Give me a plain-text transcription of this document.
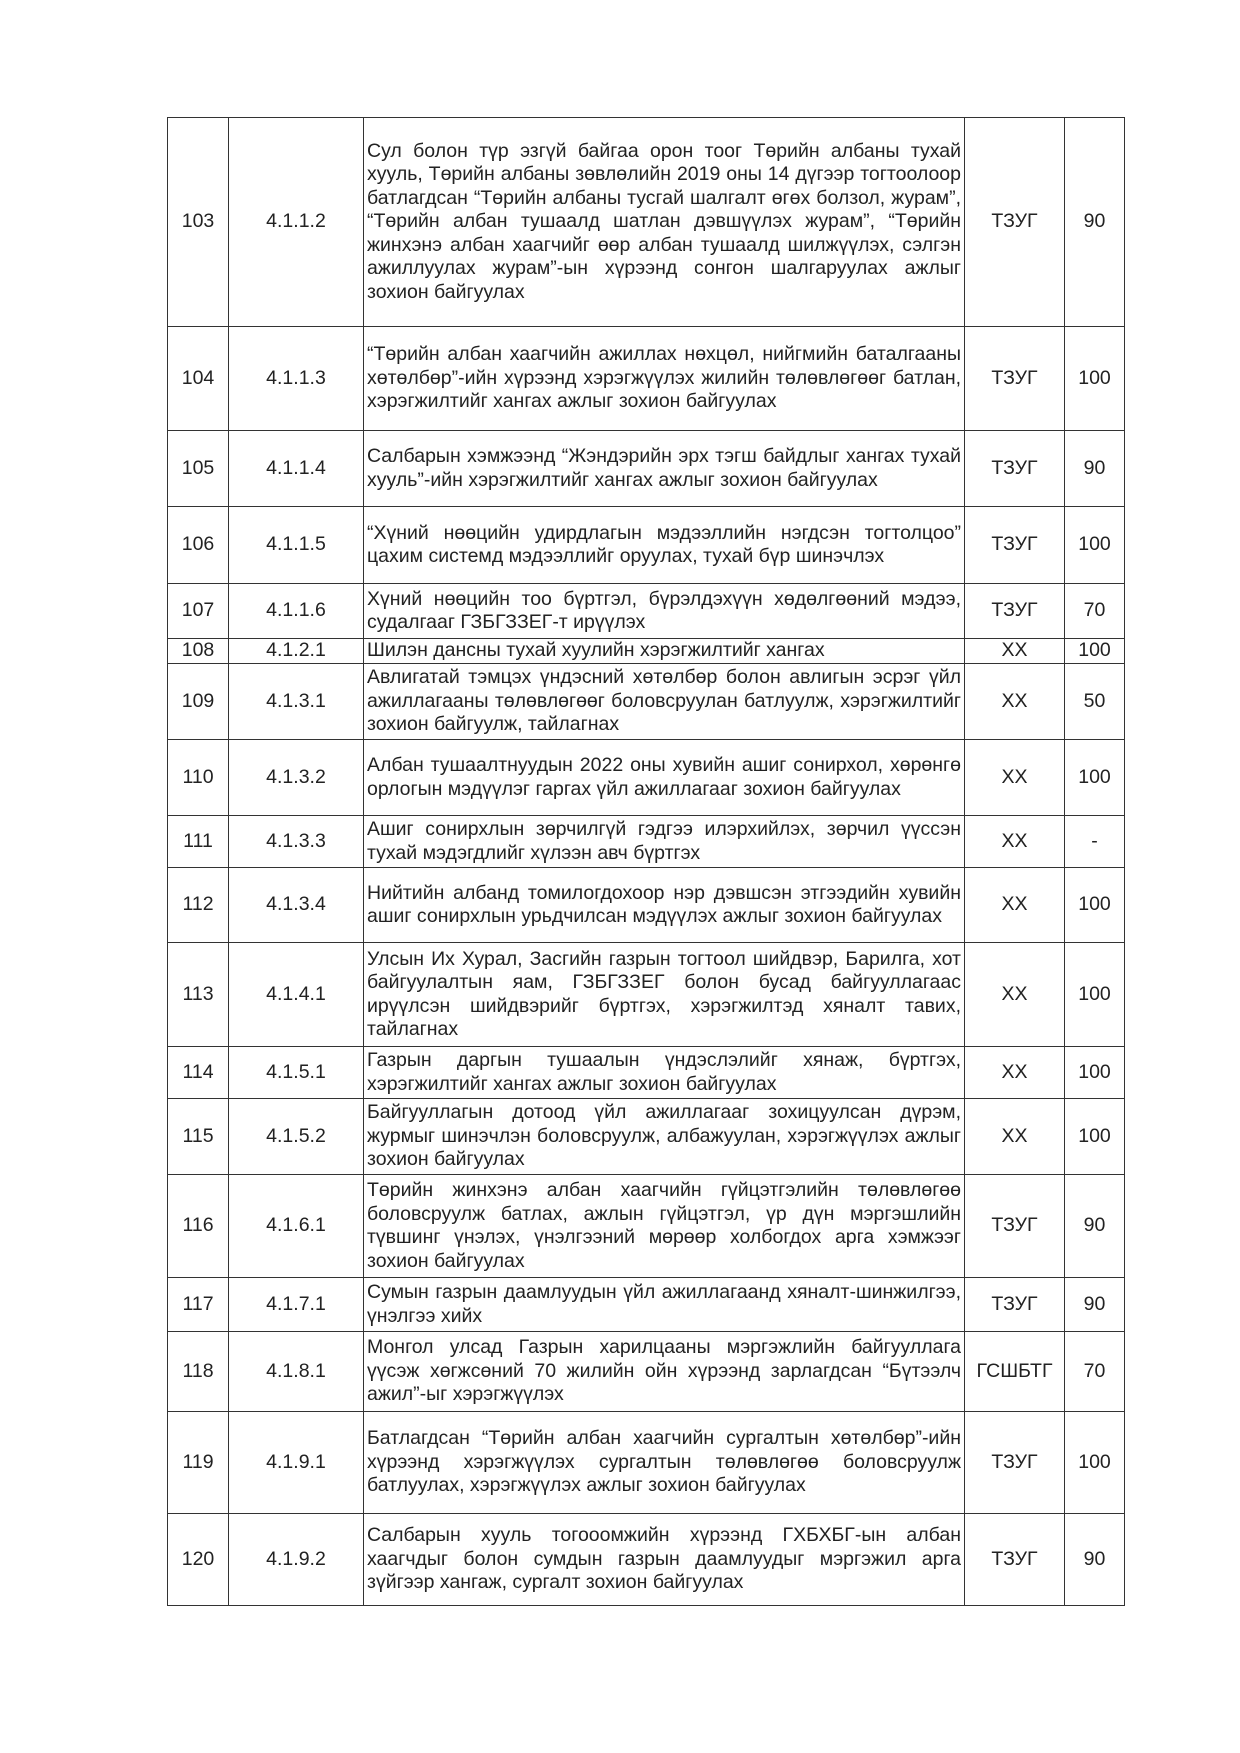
103	4.1.1.2	Сул болон түр эзгүй байгаа орон тоог Төрийн албаны тухай хууль, Төрийн албаны зөвлөлийн 2019 оны 14 дүгээр тогтоолоор батлагдсан “Төрийн албаны тусгай шалгалт өгөх болзол, журам”, “Төрийн албан тушаалд шатлан дэвшүүлэх журам”, “Төрийн жинхэнэ албан хаагчийг өөр албан тушаалд шилжүүлэх, сэлгэн ажиллуулах журам”-ын хүрээнд сонгон шалгаруулах ажлыг зохион байгуулах	ТЗУГ	90
104	4.1.1.3	“Төрийн албан хаагчийн ажиллах нөхцөл, нийгмийн баталгааны хөтөлбөр”-ийн хүрээнд хэрэгжүүлэх жилийн төлөвлөгөөг батлан, хэрэгжилтийг хангах ажлыг зохион байгуулах	ТЗУГ	100
105	4.1.1.4	Салбарын хэмжээнд “Жэндэрийн эрх тэгш байдлыг хангах тухай хууль”-ийн хэрэгжилтийг хангах ажлыг зохион байгуулах	ТЗУГ	90
106	4.1.1.5	“Хүний нөөцийн удирдлагын мэдээллийн нэгдсэн тогтолцоо” цахим системд мэдээллийг оруулах, тухай бүр шинэчлэх	ТЗУГ	100
107	4.1.1.6	Хүний нөөцийн тоо бүртгэл, бүрэлдэхүүн хөдөлгөөний мэдээ, судалгааг ГЗБГЗЗЕГ-т ирүүлэх	ТЗУГ	70
108	4.1.2.1	Шилэн дансны тухай хуулийн хэрэгжилтийг хангах	ХХ	100
109	4.1.3.1	Авлигатай тэмцэх үндэсний хөтөлбөр болон авлигын эсрэг үйл ажиллагааны төлөвлөгөөг боловсруулан батлуулж, хэрэгжилтийг зохион байгуулж, тайлагнах	ХХ	50
110	4.1.3.2	Албан тушаалтнуудын 2022 оны хувийн ашиг сонирхол, хөрөнгө орлогын мэдүүлэг гаргах үйл ажиллагааг зохион байгуулах	ХХ	100
111	4.1.3.3	Ашиг сонирхлын зөрчилгүй гэдгээ илэрхийлэх, зөрчил үүссэн тухай мэдэгдлийг хүлээн авч бүртгэх	ХХ	-
112	4.1.3.4	Нийтийн албанд томилогдохоор нэр дэвшсэн этгээдийн хувийн ашиг сонирхлын урьдчилсан мэдүүлэх ажлыг зохион байгуулах	ХХ	100
113	4.1.4.1	Улсын Их Хурал, Засгийн газрын тогтоол шийдвэр, Барилга, хот байгуулалтын яам, ГЗБГЗЗЕГ болон бусад байгууллагаас ирүүлсэн шийдвэрийг бүртгэх, хэрэгжилтэд хяналт тавих, тайлагнах	ХХ	100
114	4.1.5.1	Газрын даргын тушаалын үндэслэлийг хянаж, бүртгэх, хэрэгжилтийг хангах ажлыг зохион байгуулах	ХХ	100
115	4.1.5.2	Байгууллагын дотоод үйл ажиллагааг зохицуулсан дүрэм, журмыг шинэчлэн боловсруулж, албажуулан, хэрэгжүүлэх ажлыг зохион байгуулах	ХХ	100
116	4.1.6.1	Төрийн жинхэнэ албан хаагчийн гүйцэтгэлийн төлөвлөгөө боловсруулж батлах, ажлын гүйцэтгэл, үр дүн мэргэшлийн түвшинг үнэлэх, үнэлгээний мөрөөр холбогдох арга хэмжээг зохион байгуулах	ТЗУГ	90
117	4.1.7.1	Сумын газрын даамлуудын үйл ажиллагаанд хяналт-шинжилгээ, үнэлгээ хийх	ТЗУГ	90
118	4.1.8.1	Монгол улсад Газрын харилцааны мэргэжлийн байгууллага үүсэж хөгжсөний 70 жилийн ойн хүрээнд зарлагдсан “Бүтээлч ажил”-ыг хэрэгжүүлэх	ГСШБТГ	70
119	4.1.9.1	Батлагдсан “Төрийн албан хаагчийн сургалтын хөтөлбөр”-ийн хүрээнд хэрэгжүүлэх сургалтын төлөвлөгөө боловсруулж батлуулах, хэрэгжүүлэх ажлыг зохион байгуулах	ТЗУГ	100
120	4.1.9.2	Салбарын хууль тогооомжийн хүрээнд ГХБХБГ-ын албан хаагчдыг болон сумдын газрын даамлуудыг мэргэжил арга зүйгээр хангаж, сургалт зохион байгуулах	ТЗУГ	90
